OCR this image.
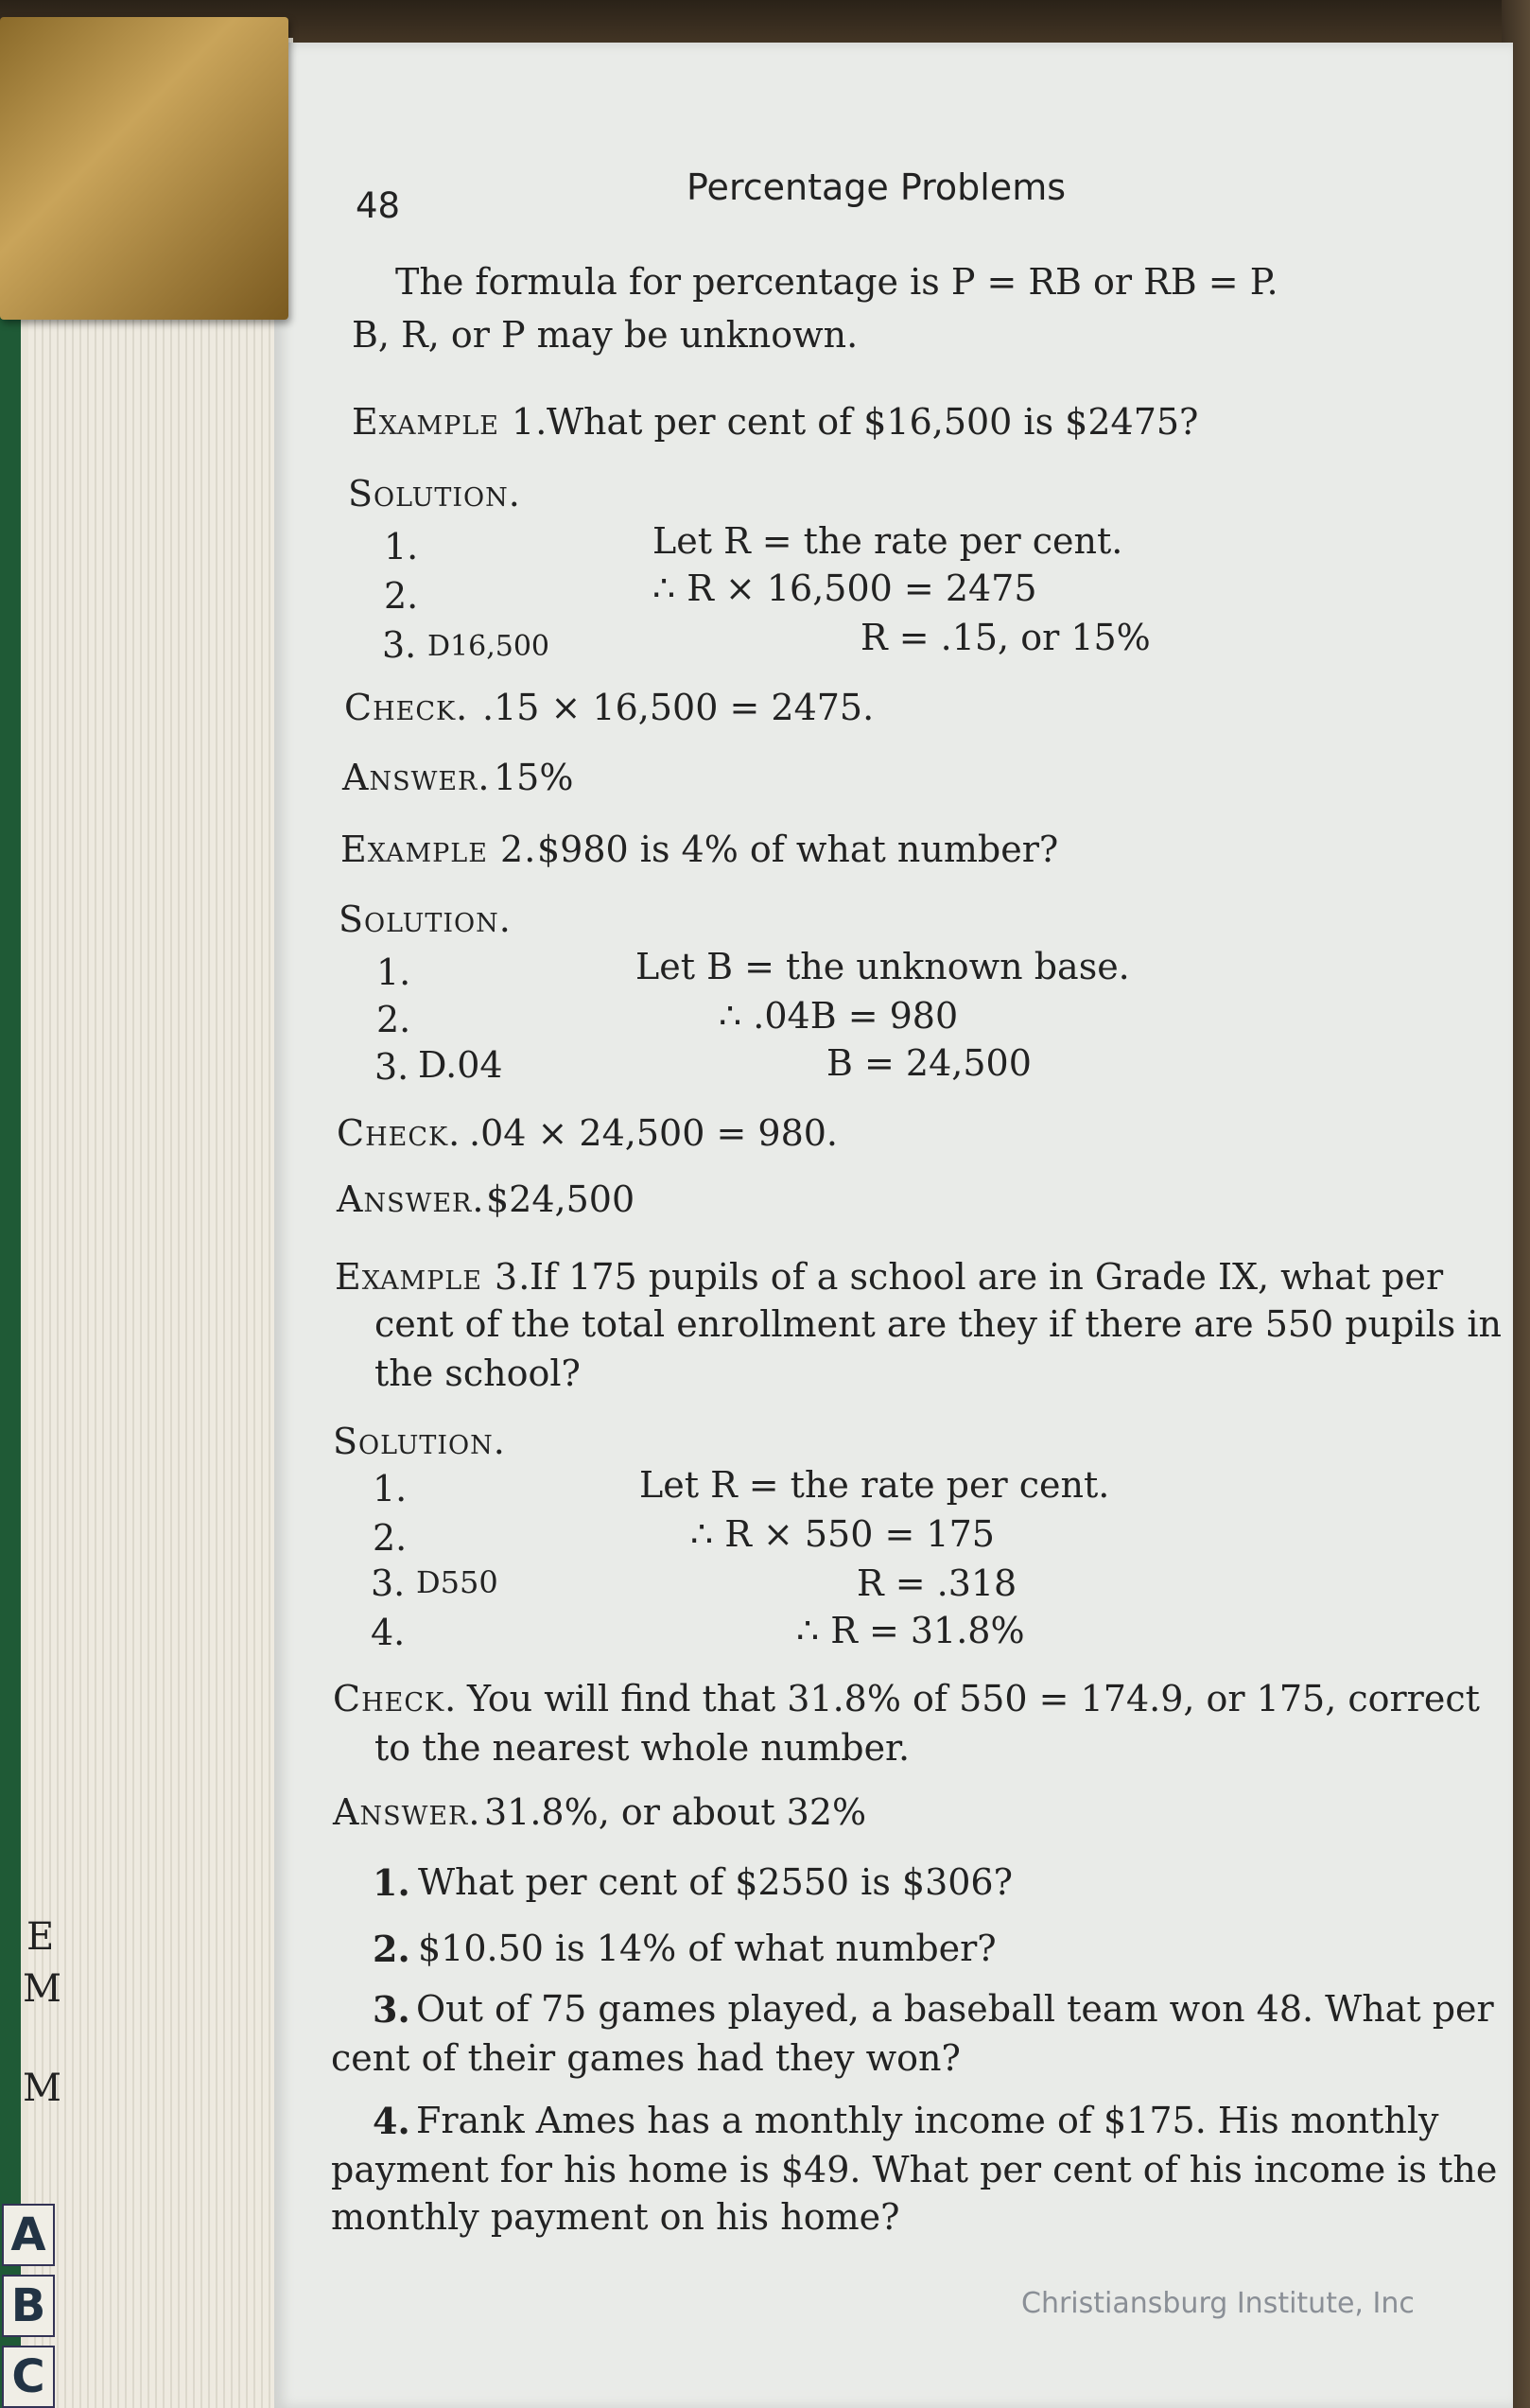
E
M
M
A
B
C
48	Percentage Problems
The formula for percentage is P = RB or RB = P.
B, R, or P may be unknown.
Example 1.
What per cent of $16,500 is $2475?
Solution.
1.	Let R = the rate per cent.
2.	∴ R × 16,500 = 2475
3. D16,500	R = .15, or 15%
Check. .15 × 16,500 = 2475.
Answer. 15%
Example 2. $980 is 4% of what number?
Solution.
1.	Let B = the unknown base.
2.	∴ .04B = 980
3. D.04	B = 24,500
Check. .04 × 24,500 = 980.
Answer. $24,500
Example 3.
If 175 pupils of a school are in Grade IX, what per
cent of the total enrollment are they if there are 550 pupils in
the school?
Solution.
1.	Let R = the rate per cent.
2.	∴ R × 550 = 175
3. D550	R = .318
4.	∴ R = 31.8%
Check. You will find that 31.8% of 550 = 174.9, or 175, correct
to the nearest whole number.
Answer. 31.8%, or about 32%
1. What per cent of $2550 is $306?
2. $10.50 is 14% of what number?
3. Out of 75 games played, a baseball team won 48. What per
cent of their games had they won?
4. Frank Ames has a monthly income of $175. His monthly
payment for his home is $49. What per cent of his income is the
monthly payment on his home?
Christiansburg Institute, Inc
